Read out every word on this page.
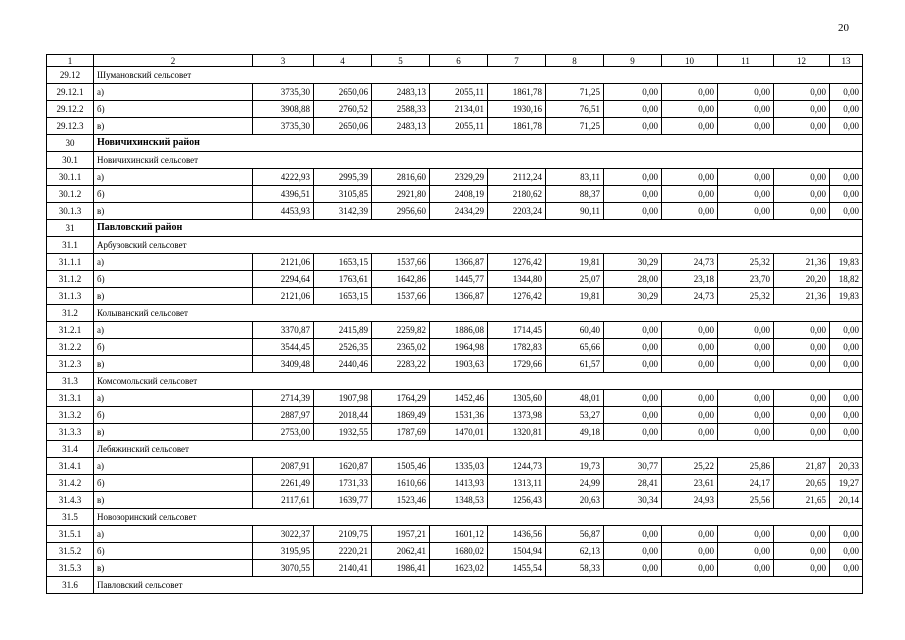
20
1	2	3	4	5	6	7	8	9	10	11	12	13
29.12	Шумановский сельсовет											
29.12.1	а)	3735,30	2650,06	2483,13	2055,11	1861,78	71,25	0,00	0,00	0,00	0,00	0,00
29.12.2	б)	3908,88	2760,52	2588,33	2134,01	1930,16	76,51	0,00	0,00	0,00	0,00	0,00
29.12.3	в)	3735,30	2650,06	2483,13	2055,11	1861,78	71,25	0,00	0,00	0,00	0,00	0,00
30	Новичихинский район											
30.1	Новичихинский сельсовет											
30.1.1	а)	4222,93	2995,39	2816,60	2329,29	2112,24	83,11	0,00	0,00	0,00	0,00	0,00
30.1.2	б)	4396,51	3105,85	2921,80	2408,19	2180,62	88,37	0,00	0,00	0,00	0,00	0,00
30.1.3	в)	4453,93	3142,39	2956,60	2434,29	2203,24	90,11	0,00	0,00	0,00	0,00	0,00
31	Павловский район											
31.1	Арбузовский сельсовет											
31.1.1	а)	2121,06	1653,15	1537,66	1366,87	1276,42	19,81	30,29	24,73	25,32	21,36	19,83
31.1.2	б)	2294,64	1763,61	1642,86	1445,77	1344,80	25,07	28,00	23,18	23,70	20,20	18,82
31.1.3	в)	2121,06	1653,15	1537,66	1366,87	1276,42	19,81	30,29	24,73	25,32	21,36	19,83
31.2	Колыванский сельсовет											
31.2.1	а)	3370,87	2415,89	2259,82	1886,08	1714,45	60,40	0,00	0,00	0,00	0,00	0,00
31.2.2	б)	3544,45	2526,35	2365,02	1964,98	1782,83	65,66	0,00	0,00	0,00	0,00	0,00
31.2.3	в)	3409,48	2440,46	2283,22	1903,63	1729,66	61,57	0,00	0,00	0,00	0,00	0,00
31.3	Комсомольский сельсовет											
31.3.1	а)	2714,39	1907,98	1764,29	1452,46	1305,60	48,01	0,00	0,00	0,00	0,00	0,00
31.3.2	б)	2887,97	2018,44	1869,49	1531,36	1373,98	53,27	0,00	0,00	0,00	0,00	0,00
31.3.3	в)	2753,00	1932,55	1787,69	1470,01	1320,81	49,18	0,00	0,00	0,00	0,00	0,00
31.4	Лебяжинский сельсовет											
31.4.1	а)	2087,91	1620,87	1505,46	1335,03	1244,73	19,73	30,77	25,22	25,86	21,87	20,33
31.4.2	б)	2261,49	1731,33	1610,66	1413,93	1313,11	24,99	28,41	23,61	24,17	20,65	19,27
31.4.3	в)	2117,61	1639,77	1523,46	1348,53	1256,43	20,63	30,34	24,93	25,56	21,65	20,14
31.5	Новозоринский сельсовет											
31.5.1	а)	3022,37	2109,75	1957,21	1601,12	1436,56	56,87	0,00	0,00	0,00	0,00	0,00
31.5.2	б)	3195,95	2220,21	2062,41	1680,02	1504,94	62,13	0,00	0,00	0,00	0,00	0,00
31.5.3	в)	3070,55	2140,41	1986,41	1623,02	1455,54	58,33	0,00	0,00	0,00	0,00	0,00
31.6	Павловский сельсовет											
